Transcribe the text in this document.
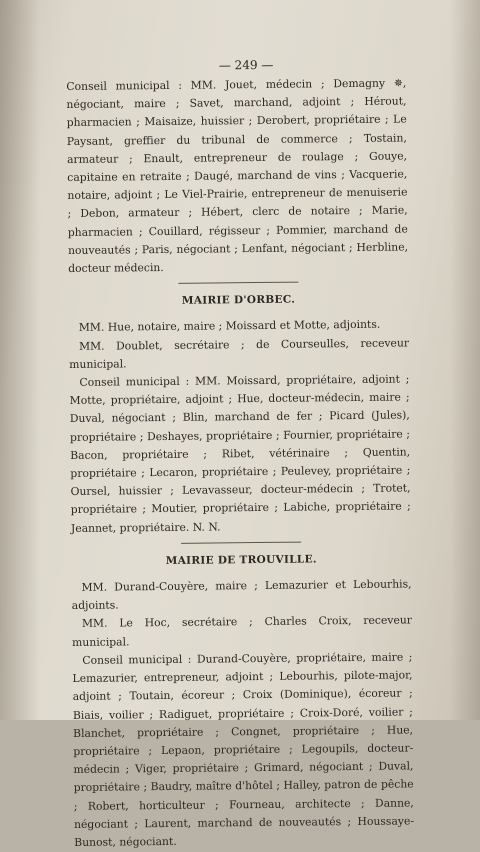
— 249 —

Conseil municipal : MM. Jouet, médecin ; Demagny ✵, négociant, maire ; Savet, marchand, adjoint ; Hérout, pharmacien ; Maisaize, huissier ; Derobert, propriétaire ; Le Paysant, greffier du tribunal de commerce ; Tostain, armateur ; Enault, entrepreneur de roulage ; Gouye, capitaine en retraite ; Daugé, marchand de vins ; Vacquerie, notaire, adjoint ; Le Viel-Prairie, entrepreneur de menuiserie ; Debon, armateur ; Hébert, clerc de notaire ; Marie, pharmacien ; Couillard, régisseur ; Pommier, marchand de nouveautés ; Paris, négociant ; Lenfant, négociant ; Herbline, docteur médecin.

MAIRIE D'ORBEC.

MM. Hue, notaire, maire ; Moissard et Motte, adjoints.

MM. Doublet, secrétaire ; de Courseulles, receveur municipal.

Conseil municipal : MM. Moissard, propriétaire, adjoint ; Motte, propriétaire, adjoint ; Hue, docteur-médecin, maire ; Duval, négociant ; Blin, marchand de fer ; Picard (Jules), propriétaire ; Deshayes, propriétaire ; Fournier, propriétaire ; Bacon, propriétaire ; Ribet, vétérinaire ; Quentin, propriétaire ; Lecaron, propriétaire ; Peulevey, propriétaire ; Oursel, huissier ; Levavasseur, docteur-médecin ; Trotet, propriétaire ; Moutier, propriétaire ; Labiche, propriétaire ; Jeannet, propriétaire. N. N.

MAIRIE DE TROUVILLE.

MM. Durand-Couyère, maire ; Lemazurier et Lebourhis, adjoints.

MM. Le Hoc, secrétaire ; Charles Croix, receveur municipal.

Conseil municipal : Durand-Couyère, propriétaire, maire ; Lemazurier, entrepreneur, adjoint ; Lebourhis, pilote-major, adjoint ; Toutain, écoreur ; Croix (Dominique), écoreur ; Biais, voilier ; Radiguet, propriétaire ; Croix-Doré, voilier ; Blanchet, propriétaire ; Congnet, propriétaire ; Hue, propriétaire ; Lepaon, propriétaire ; Legoupils, docteur-médecin ; Viger, propriétaire ; Grimard, négociant ; Duval, propriétaire ; Baudry, maître d'hôtel ; Halley, patron de pêche ; Robert, horticulteur ; Fourneau, architecte ; Danne, négociant ; Laurent, marchand de nouveautés ; Houssaye-Bunost, négociant.
